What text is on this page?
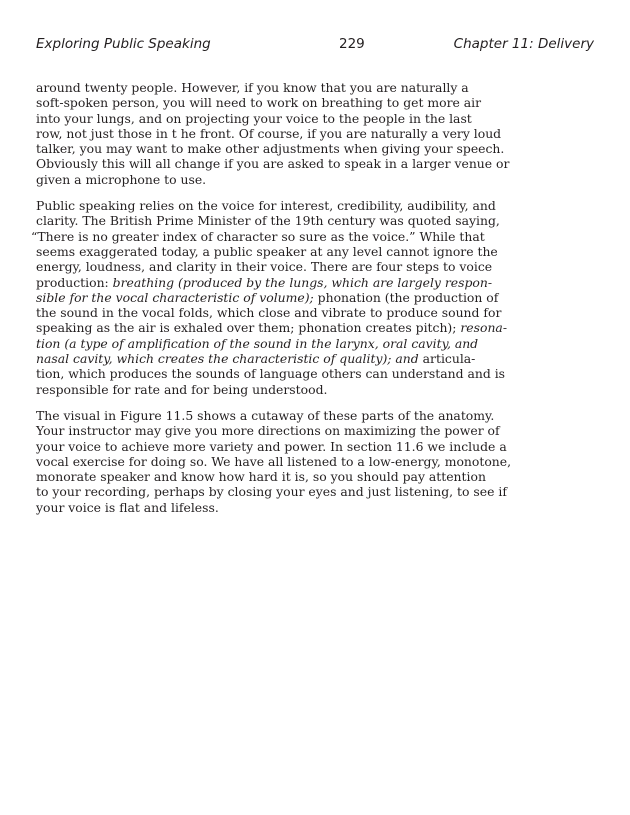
Exploring Public Speaking	229	Chapter 11: Delivery
around twenty people. However, if you know that you are naturally a
soft-spoken person, you will need to work on breathing to get more air
into your lungs, and on projecting your voice to the people in the last
row, not just those in t he front. Of course, if you are naturally a very loud
talker, you may want to make other adjustments when giving your speech.
Obviously this will all change if you are asked to speak in a larger venue or
given a microphone to use.
Public speaking relies on the voice for interest, credibility, audibility, and
clarity. The British Prime Minister of the 19th century was quoted saying,
“There is no greater index of character so sure as the voice.” While that
seems exaggerated today, a public speaker at any level cannot ignore the
energy, loudness, and clarity in their voice. There are four steps to voice
production: breathing (produced by the lungs, which are largely respon-
sible for the vocal characteristic of volume); phonation (the production of
the sound in the vocal folds, which close and vibrate to produce sound for
speaking as the air is exhaled over them; phonation creates pitch); resona-
tion (a type of amplification of the sound in the larynx, oral cavity, and
nasal cavity, which creates the characteristic of quality); and articula-
tion, which produces the sounds of language others can understand and is
responsible for rate and for being understood.
The visual in Figure 11.5 shows a cutaway of these parts of the anatomy.
Your instructor may give you more directions on maximizing the power of
your voice to achieve more variety and power. In section 11.6 we include a
vocal exercise for doing so. We have all listened to a low-energy, monotone,
monorate speaker and know how hard it is, so you should pay attention
to your recording, perhaps by closing your eyes and just listening, to see if
your voice is flat and lifeless.
